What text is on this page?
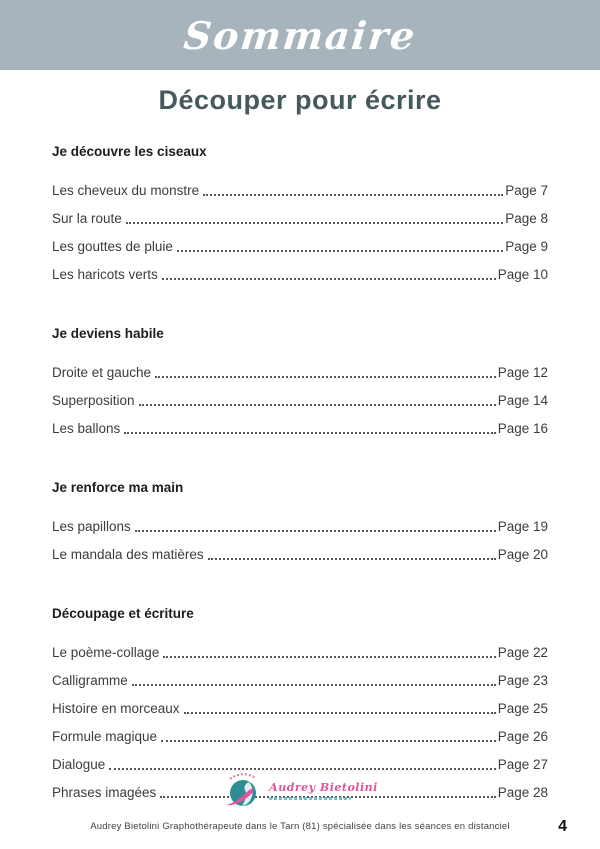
Sommaire
Découper pour écrire
Je découvre les ciseaux
Les cheveux du monstre	Page 7
Sur la route	Page 8
Les gouttes de pluie	Page 9
Les haricots verts	Page 10
Je deviens habile
Droite et gauche	Page 12
Superposition	Page 14
Les ballons	Page 16
Je renforce ma main
Les papillons	Page 19
Le mandala des matières	Page 20
Découpage et écriture
Le poème-collage	Page 22
Calligramme	Page 23
Histoire en morceaux	Page 25
Formule magique	Page 26
Dialogue	Page 27
Phrases imagées	Page 28
Audrey Bietolini
Audrey Bietolini Graphothérapeute dans le Tarn (81) spécialisée dans les séances en distanciel	4
